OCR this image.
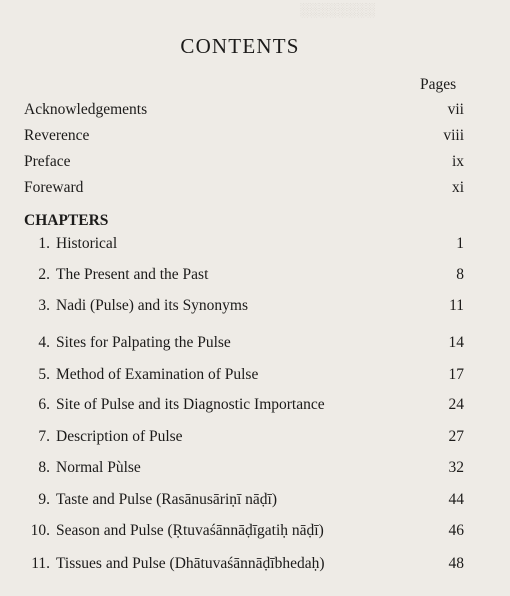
░░░░░░░░
CONTENTS
Pages
Acknowledgements	vii
Reverence	viii
Preface	ix
Foreward	xi
CHAPTERS
1. Historical	1
2. The Present and the Past	8
3. Nadi (Pulse) and its Synonyms	11
4. Sites for Palpating the Pulse	14
5. Method of Examination of Pulse	17
6. Site of Pulse and its Diagnostic Importance	24
7. Description of Pulse	27
8. Normal Pùlse	32
9. Taste and Pulse (Rasānusāriṇī nāḍī)	44
10. Season and Pulse (Ṛtuvaśānnāḍīgatiḥ nāḍī)	46
11. Tissues and Pulse (Dhātuvaśānnāḍībhedaḥ)	48
